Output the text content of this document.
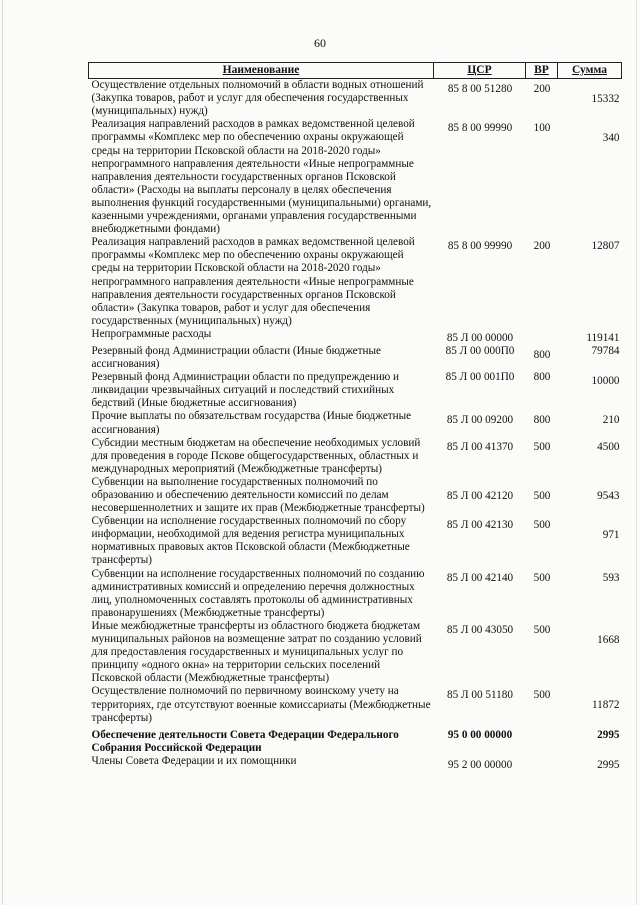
60
Наименование	ЦСР	ВР	Сумма
Осуществление отдельных полномочий в области водных отношений (Закупка товаров, работ и услуг для обеспечения государственных (муниципальных) нужд)	85 8 00 51280	200	15332
Реализация направлений расходов в рамках ведомственной целевой программы «Комплекс мер по обеспечению охраны окружающей среды на территории Псковской области на 2018-2020 годы» непрограммного направления деятельности «Иные непрограммные направления деятельности государственных органов Псковской области» (Расходы на выплаты персоналу в целях обеспечения выполнения функций государственными (муниципальными) органами, казенными учреждениями, органами управления государственными внебюджетными фондами)	85 8 00 99990	100	340
Реализация направлений расходов в рамках ведомственной целевой программы «Комплекс мер по обеспечению охраны окружающей среды на территории Псковской области на 2018-2020 годы» непрограммного направления деятельности «Иные непрограммные направления деятельности государственных органов Псковской области» (Закупка товаров, работ и услуг для обеспечения государственных (муниципальных) нужд)	85 8 00 99990	200	12807
Непрограммные расходы	85 Л 00 00000		119141
Резервный фонд Администрации области (Иные бюджетные ассигнования)	85 Л 00 000П0	800	79784
Резервный фонд Администрации области по предупреждению и ликвидации чрезвычайных ситуаций и последствий стихийных бедствий (Иные бюджетные ассигнования)	85 Л 00 001П0	800	10000
Прочие выплаты по обязательствам государства (Иные бюджетные ассигнования)	85 Л 00 09200	800	210
Субсидии местным бюджетам на обеспечение необходимых условий для проведения в городе Пскове общегосударственных, областных и международных мероприятий (Межбюджетные трансферты)	85 Л 00 41370	500	4500
Субвенции на выполнение государственных полномочий по образованию и обеспечению деятельности комиссий по делам несовершеннолетних и защите их прав (Межбюджетные трансферты)	85 Л 00 42120	500	9543
Субвенции на исполнение государственных полномочий по сбору информации, необходимой для ведения регистра муниципальных нормативных правовых актов Псковской области (Межбюджетные трансферты)	85 Л 00 42130	500	971
Субвенции на исполнение государственных полномочий по созданию административных комиссий и определению перечня должностных лиц, уполномоченных составлять протоколы об административных правонарушениях (Межбюджетные трансферты)	85 Л 00 42140	500	593
Иные межбюджетные трансферты из областного бюджета бюджетам муниципальных районов на возмещение затрат по созданию условий для предоставления государственных и муниципальных услуг по принципу «одного окна» на территории сельских поселений Псковской области (Межбюджетные трансферты)	85 Л 00 43050	500	1668
Осуществление полномочий по первичному воинскому учету на территориях, где отсутствуют военные комиссариаты (Межбюджетные трансферты)	85 Л 00 51180	500	11872
Обеспечение деятельности Совета Федерации Федерального Собрания Российской Федерации	95 0 00 00000		2995
Члены Совета Федерации и их помощники	95 2 00 00000		2995
